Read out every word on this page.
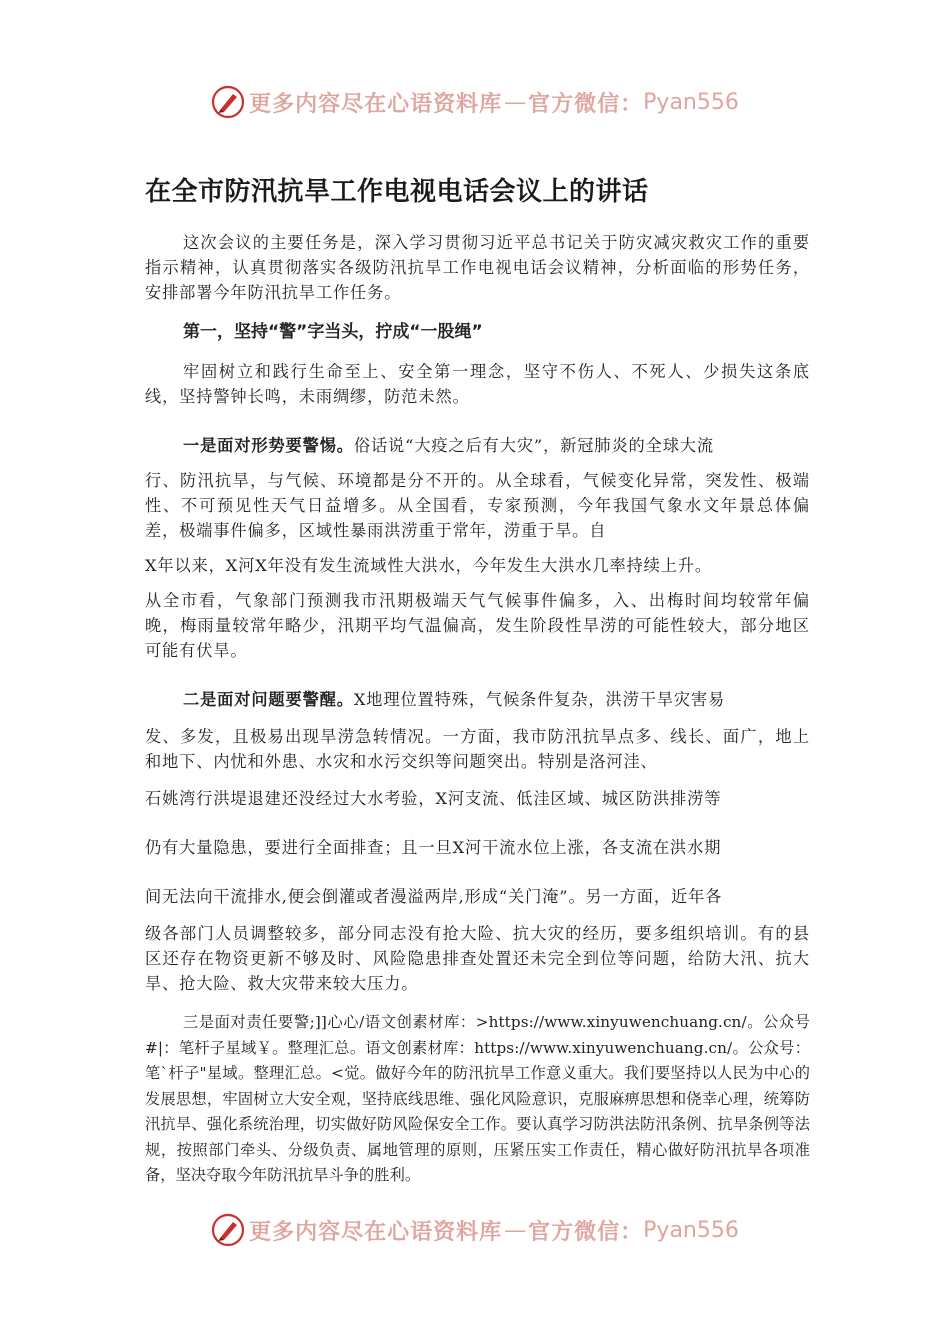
更多内容尽在心语资料库 — 官方微信： Pyan556
在全市防汛抗旱工作电视电话会议上的讲话

这次会议的主要任务是，深入学习贯彻习近平总书记关于防灾减灾救灾工作的重要指示精神，认真贯彻落实各级防汛抗旱工作电视电话会议精神，分析面临的形势任务，安排部署今年防汛抗旱工作任务。

第一，坚持“警”字当头，拧成“一股绳”

牢固树立和践行生命至上、安全第一理念，坚守不伤人、不死人、少损失这条底线，坚持警钟长鸣，未雨绸缪，防范未然。

一是面对形势要警惕。俗话说“大疫之后有大灾”，新冠肺炎的全球大流

行、防汛抗旱，与气候、环境都是分不开的。从全球看，气候变化异常，突发性、极端性、不可预见性天气日益增多。从全国看，专家预测，今年我国气象水文年景总体偏差，极端事件偏多，区域性暴雨洪涝重于常年，涝重于旱。自

X年以来，X河X年没有发生流域性大洪水，今年发生大洪水几率持续上升。

从全市看，气象部门预测我市汛期极端天气气候事件偏多，入、出梅时间均较常年偏晚，梅雨量较常年略少，汛期平均气温偏高，发生阶段性旱涝的可能性较大，部分地区可能有伏旱。

二是面对问题要警醒。X地理位置特殊，气候条件复杂，洪涝干旱灾害易

发、多发，且极易出现旱涝急转情况。一方面，我市防汛抗旱点多、线长、面广，地上和地下、内忧和外患、水灾和水污交织等问题突出。特别是洛河洼、

石姚湾行洪堤退建还没经过大水考验，X河支流、低洼区域、城区防洪排涝等

仍有大量隐患，要进行全面排查；且一旦X河干流水位上涨，各支流在洪水期

间无法向干流排水,便会倒灌或者漫溢两岸,形成“关门淹”。另一方面，近年各

级各部门人员调整较多，部分同志没有抢大险、抗大灾的经历，要多组织培训。有的县区还存在物资更新不够及时、风险隐患排查处置还未完全到位等问题，给防大汛、抗大旱、抢大险、救大灾带来较大压力。

三是面对责任要警;]]心心/语文创素材库：>https://www.xinyuwenchuang.cn/。公众号#|：笔杆子星域￥。整理汇总。语文创素材库：https://www.xinyuwenchuang.cn/。公众号：笔`杆子"星域。整理汇总。<觉。做好今年的防汛抗旱工作意义重大。我们要坚持以人民为中心的发展思想，牢固树立大安全观，坚持底线思维、强化风险意识，克服麻痹思想和侥幸心理，统筹防汛抗旱、强化系统治理，切实做好防风险保安全工作。要认真学习防洪法防汛条例、抗旱条例等法规，按照部门牵头、分级负责、属地管理的原则，压紧压实工作责任，精心做好防汛抗旱各项准备，坚决夺取今年防汛抗旱斗争的胜利。

更多内容尽在心语资料库 — 官方微信： Pyan556
